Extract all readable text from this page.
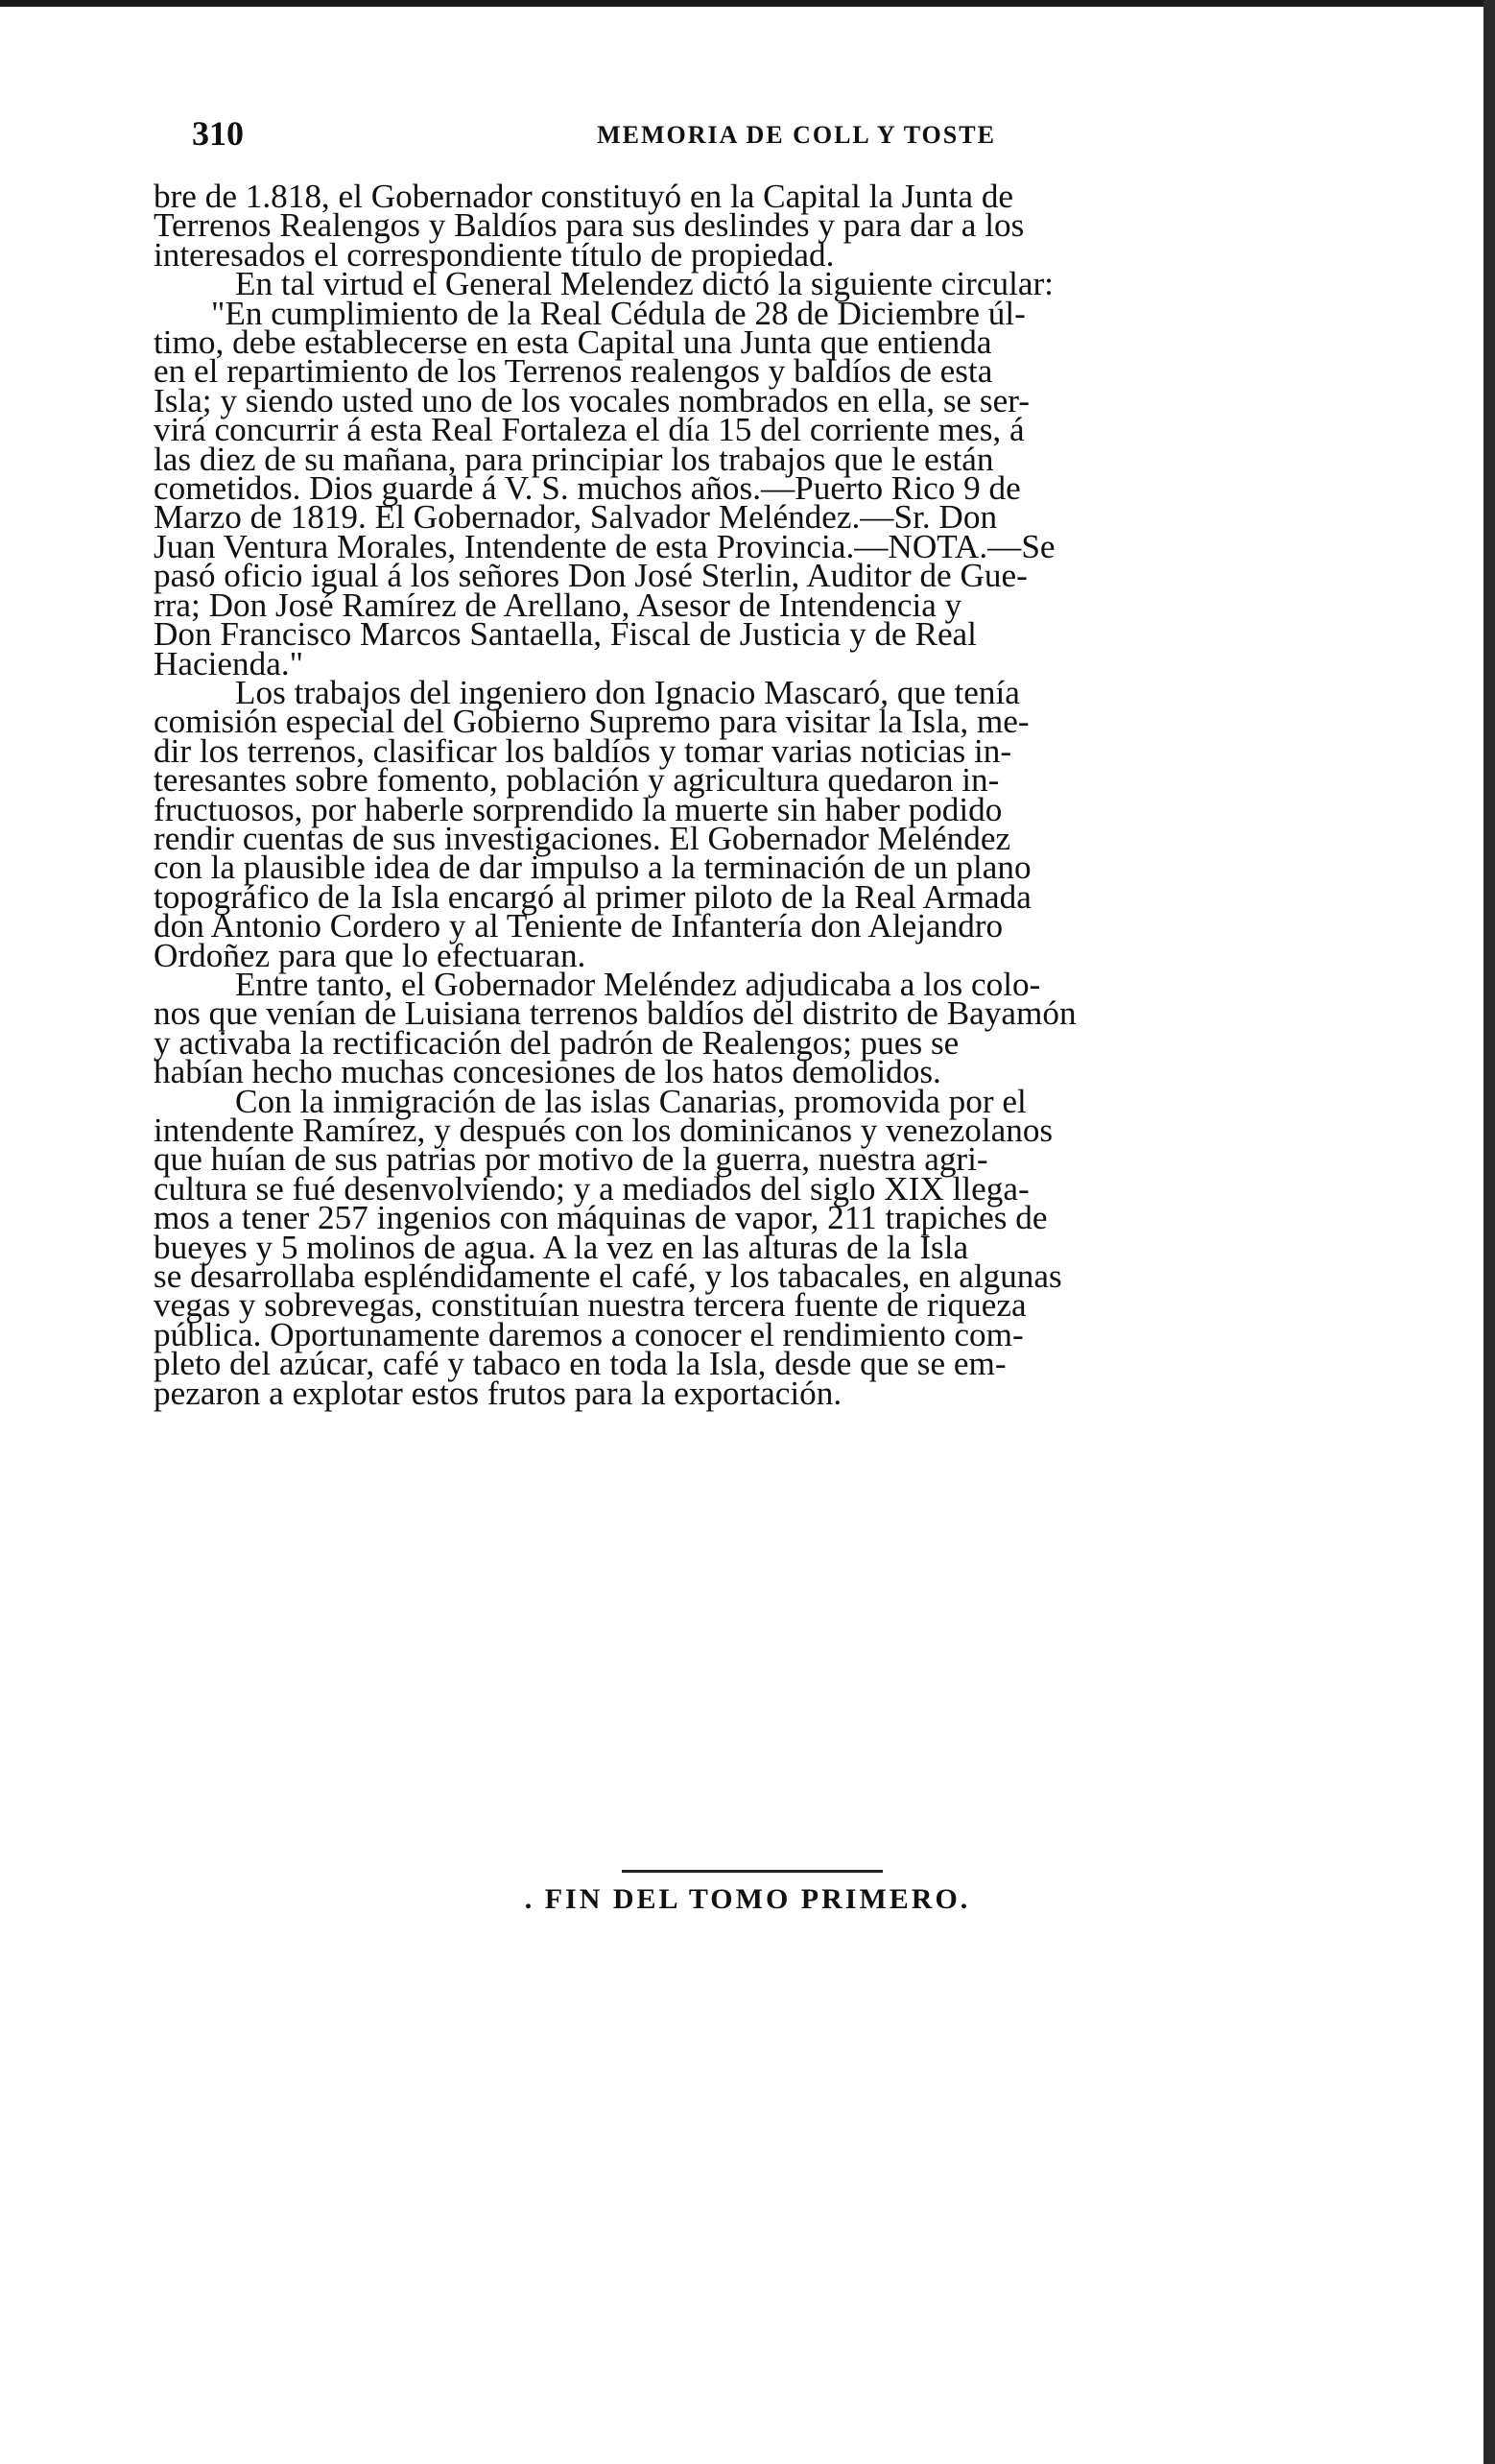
310	MEMORIA DE COLL Y TOSTE

bre de 1.818, el Gobernador constituyó en la Capital la Junta de
Terrenos Realengos y Baldíos para sus deslindes y para dar a los
interesados el correspondiente título de propiedad.

En tal virtud el General Melendez dictó la siguiente circular:

"En cumplimiento de la Real Cédula de 28 de Diciembre úl-

timo, debe establecerse en esta Capital una Junta que entienda
en el repartimiento de los Terrenos realengos y baldíos de esta
Isla; y siendo usted uno de los vocales nombrados en ella, se ser-
virá concurrir á esta Real Fortaleza el día 15 del corriente mes, á
las diez de su mañana, para principiar los trabajos que le están
cometidos. Dios guarde á V. S. muchos años.—Puerto Rico 9 de
Marzo de 1819. El Gobernador, Salvador Meléndez.—Sr. Don
Juan Ventura Morales, Intendente de esta Provincia.—NOTA.—Se
pasó oficio igual á los señores Don José Sterlin, Auditor de Gue-
rra; Don José Ramírez de Arellano, Asesor de Intendencia y
Don Francisco Marcos Santaella, Fiscal de Justicia y de Real
Hacienda."

Los trabajos del ingeniero don Ignacio Mascaró, que tenía

comisión especial del Gobierno Supremo para visitar la Isla, me-
dir los terrenos, clasificar los baldíos y tomar varias noticias in-
teresantes sobre fomento, población y agricultura quedaron in-
fructuosos, por haberle sorprendido la muerte sin haber podido
rendir cuentas de sus investigaciones. El Gobernador Meléndez
con la plausible idea de dar impulso a la terminación de un plano
topográfico de la Isla encargó al primer piloto de la Real Armada
don Antonio Cordero y al Teniente de Infantería don Alejandro
Ordoñez para que lo efectuaran.

Entre tanto, el Gobernador Meléndez adjudicaba a los colo-

nos que venían de Luisiana terrenos baldíos del distrito de Bayamón
y activaba la rectificación del padrón de Realengos; pues se
habían hecho muchas concesiones de los hatos demolidos.

Con la inmigración de las islas Canarias, promovida por el

intendente Ramírez, y después con los dominicanos y venezolanos
que huían de sus patrias por motivo de la guerra, nuestra agri-
cultura se fué desenvolviendo; y a mediados del siglo XIX llega-
mos a tener 257 ingenios con máquinas de vapor, 211 trapiches de
bueyes y 5 molinos de agua. A la vez en las alturas de la Isla
se desarrollaba espléndidamente el café, y los tabacales, en algunas
vegas y sobrevegas, constituían nuestra tercera fuente de riqueza
pública. Oportunamente daremos a conocer el rendimiento com-
pleto del azúcar, café y tabaco en toda la Isla, desde que se em-
pezaron a explotar estos frutos para la exportación.

. FIN DEL TOMO PRIMERO.
